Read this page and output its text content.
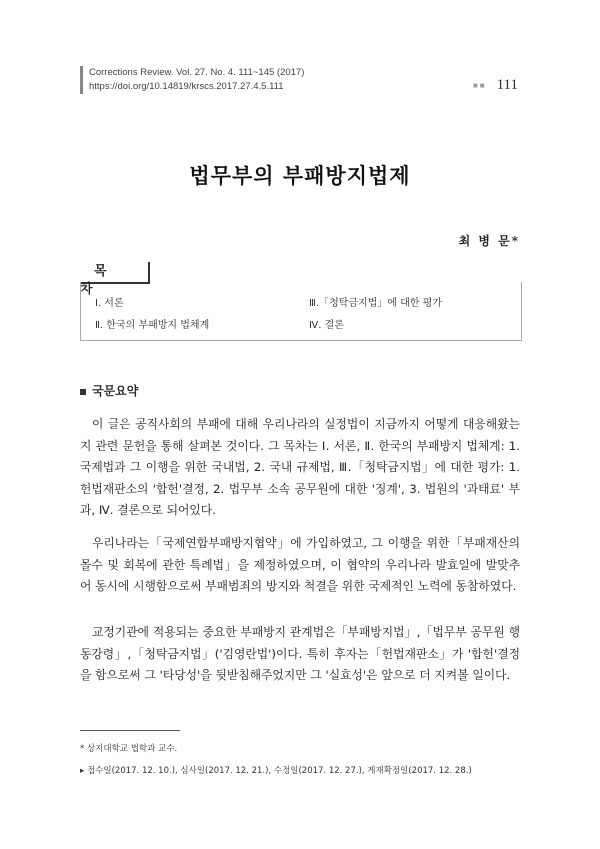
Corrections Review. Vol. 27. No. 4. 111~145 (2017)
https://doi.org/10.14819/krscs.2017.27.4.5.111	■ ■ 111
법무부의 부패방지법제
최 병 문*
목 차
Ⅰ. 서론
Ⅱ. 한국의 부패방지 법체계
Ⅲ.「청탁금지법」에 대한 평가
Ⅳ. 결론
국문요약
이 글은 공직사회의 부패에 대해 우리나라의 실정법이 지금까지 어떻게 대응해왔는지 관련 문헌을 통해 살펴본 것이다. 그 목차는 Ⅰ. 서론, Ⅱ. 한국의 부패방지 법체계: 1. 국제법과 그 이행을 위한 국내법, 2. 국내 규제법, Ⅲ.「청탁금지법」에 대한 평가: 1. 헌법재판소의 '합헌'결정, 2. 법무부 소속 공무원에 대한 '징계', 3. 법원의 '과태료' 부과, Ⅳ. 결론으로 되어있다.
우리나라는「국제연합부패방지협약」에 가입하였고, 그 이행을 위한「부패재산의 몰수 및 회복에 관한 특례법」을 제정하였으며, 이 협약의 우리나라 발효일에 발맞추어 동시에 시행함으로써 부패범죄의 방지와 척결을 위한 국제적인 노력에 동참하였다.
교정기관에 적용되는 중요한 부패방지 관계법은「부패방지법」,「법무부 공무원 행동강령」,「청탁금지법」('김영란법')이다. 특히 후자는「헌법재판소」가 '합헌'결정을 함으로써 그 '타당성'을 뒷받침해주었지만 그 '실효성'은 앞으로 더 지켜볼 일이다.
* 상지대학교 법학과 교수.
▸ 접수일(2017. 12. 10.), 심사일(2017. 12. 21.), 수정일(2017. 12. 27.), 게재확정일(2017. 12. 28.)
